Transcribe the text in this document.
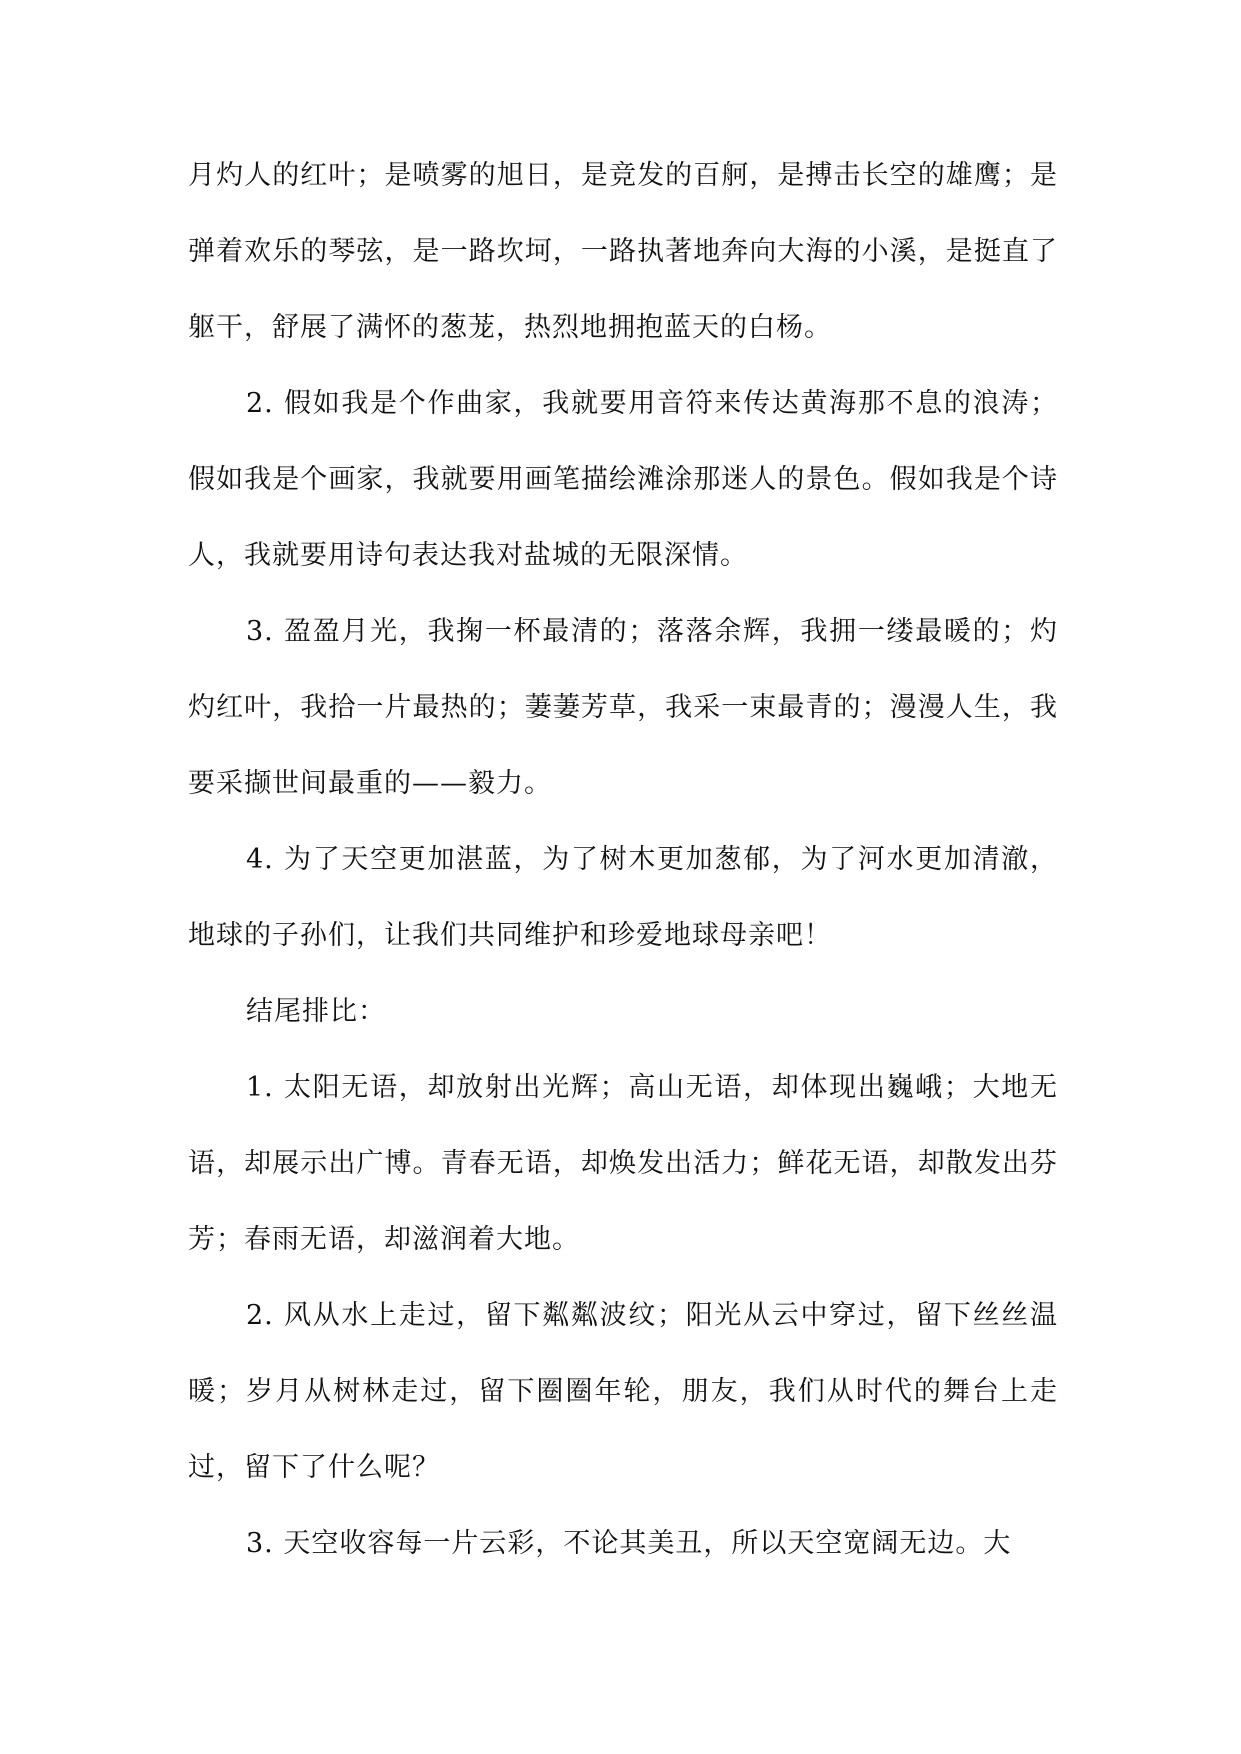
月灼人的红叶；是喷雾的旭日，是竞发的百舸，是搏击长空的雄鹰；是弹着欢乐的琴弦，是一路坎坷，一路执著地奔向大海的小溪，是挺直了躯干，舒展了满怀的葱茏，热烈地拥抱蓝天的白杨。

2. 假如我是个作曲家，我就要用音符来传达黄海那不息的浪涛；假如我是个画家，我就要用画笔描绘滩涂那迷人的景色。假如我是个诗人，我就要用诗句表达我对盐城的无限深情。

3. 盈盈月光，我掬一杯最清的；落落余辉，我拥一缕最暖的；灼灼红叶，我拾一片最热的；萋萋芳草，我采一束最青的；漫漫人生，我要采撷世间最重的——毅力。

4. 为了天空更加湛蓝，为了树木更加葱郁，为了河水更加清澈，地球的子孙们，让我们共同维护和珍爱地球母亲吧！

结尾排比：

1. 太阳无语，却放射出光辉；高山无语，却体现出巍峨；大地无语，却展示出广博。青春无语，却焕发出活力；鲜花无语，却散发出芬芳；春雨无语，却滋润着大地。

2. 风从水上走过，留下粼粼波纹；阳光从云中穿过，留下丝丝温暖；岁月从树林走过，留下圈圈年轮，朋友，我们从时代的舞台上走过，留下了什么呢？

3. 天空收容每一片云彩，不论其美丑，所以天空宽阔无边。大
